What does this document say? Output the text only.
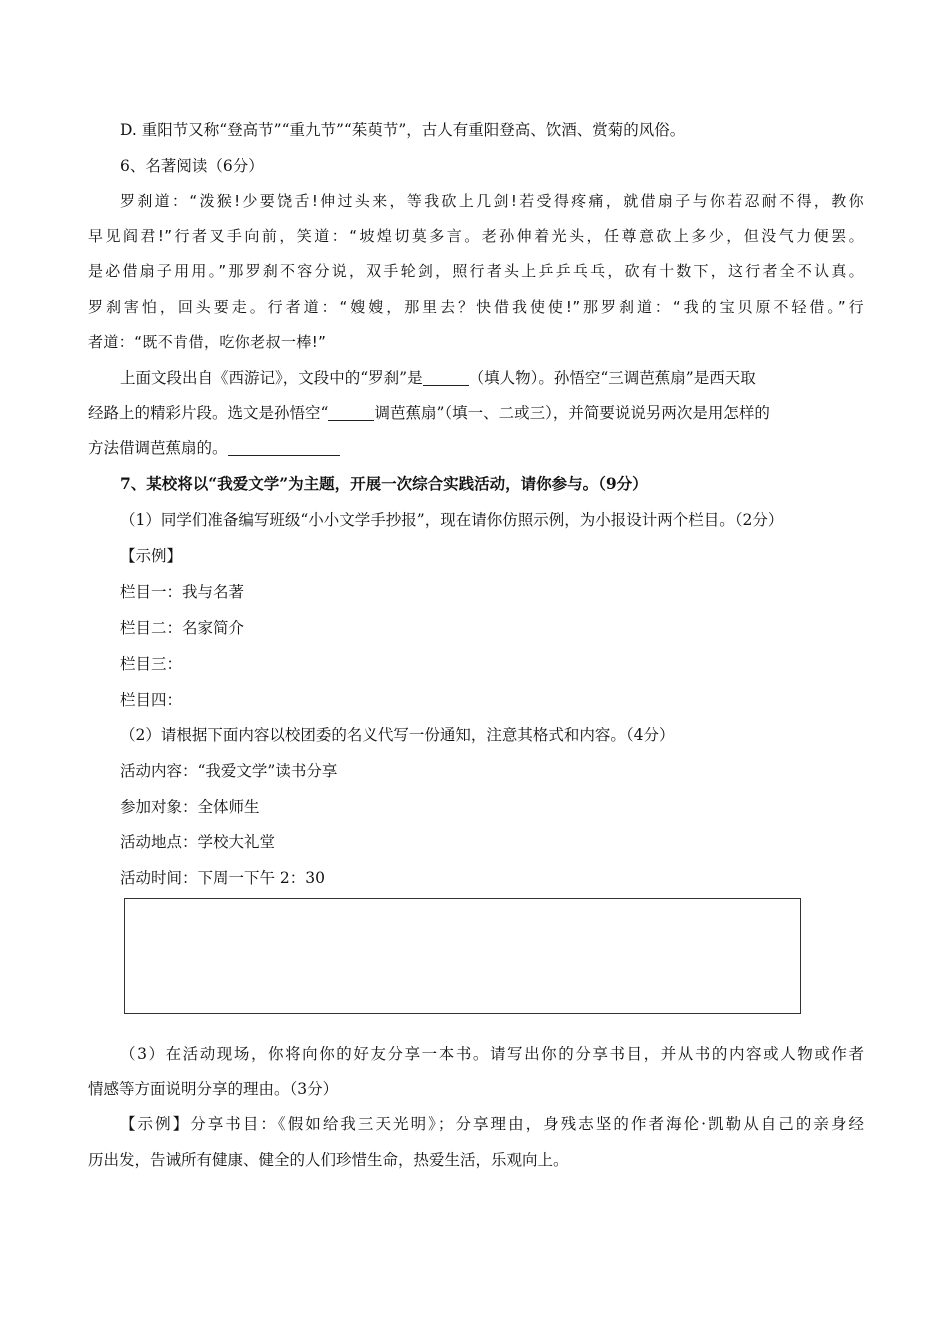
D. 重阳节又称“登高节”“重九节”“茱萸节”，古人有重阳登高、饮酒、赏菊的风俗。
6、名著阅读（6分）
罗刹道：“泼猴!少要饶舌!伸过头来，等我砍上几剑!若受得疼痛，就借扇子与你若忍耐不得，教你
早见阎君!”行者叉手向前，笑道：“坡煌切莫多言。老孙伸着光头，任尊意砍上多少，但没气力便罢。
是必借扇子用用。”那罗刹不容分说，双手轮剑，照行者头上乒乒乓乓，砍有十数下，这行者全不认真。
罗刹害怕，回头要走。行者道：“嫂嫂，那里去？快借我使使!”那罗刹道：“我的宝贝原不轻借。”行
者道：“既不肯借，吃你老叔一棒!”
上面文段出自《西游记》，文段中的“罗刹”是	（填人物）。孙悟空“三调芭蕉扇”是西天取
经路上的精彩片段。选文是孙悟空“	调芭蕉扇”（填一、二或三），并简要说说另两次是用怎样的
方法借调芭蕉扇的。
7、某校将以“我爱文学”为主题，开展一次综合实践活动，请你参与。（9分）
（1）同学们准备编写班级“小小文学手抄报”，现在请你仿照示例，为小报设计两个栏目。（2分）
【示例】
栏目一：我与名著
栏目二：名家简介
栏目三：
栏目四：
（2）请根据下面内容以校团委的名义代写一份通知，注意其格式和内容。（4分）
活动内容：“我爱文学”读书分享
参加对象：全体师生
活动地点：学校大礼堂
活动时间：下周一下午 2：30
（3）在活动现场，你将向你的好友分享一本书。请写出你的分享书目，并从书的内容或人物或作者
情感等方面说明分享的理由。（3分）
【示例】分享书目：《假如给我三天光明》；分享理由，身残志坚的作者海伦·凯勒从自己的亲身经
历出发，告诫所有健康、健全的人们珍惜生命，热爱生活，乐观向上。
